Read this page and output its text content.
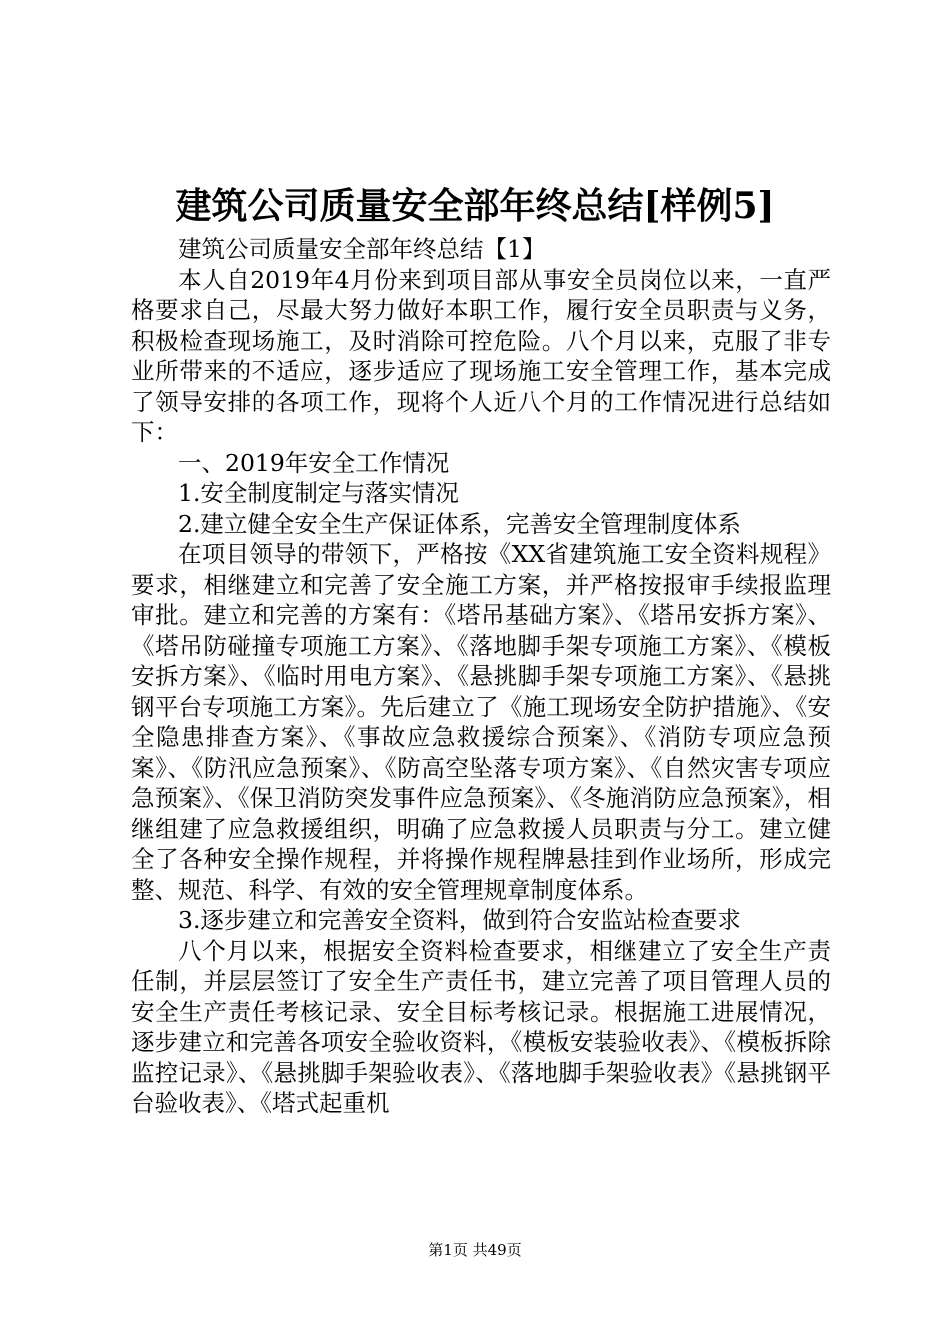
建筑公司质量安全部年终总结[样例5]

建筑公司质量安全部年终总结【1】

本人自2019年4月份来到项目部从事安全员岗位以来，一直严格要求自己，尽最大努力做好本职工作，履行安全员职责与义务，积极检查现场施工，及时消除可控危险。八个月以来，克服了非专业所带来的不适应，逐步适应了现场施工安全管理工作，基本完成了领导安排的各项工作，现将个人近八个月的工作情况进行总结如下：

一、2019年安全工作情况

1.安全制度制定与落实情况

2.建立健全安全生产保证体系，完善安全管理制度体系

在项目领导的带领下，严格按《XX省建筑施工安全资料规程》要求，相继建立和完善了安全施工方案，并严格按报审手续报监理审批。建立和完善的方案有：《塔吊基础方案》、《塔吊安拆方案》、《塔吊防碰撞专项施工方案》、《落地脚手架专项施工方案》、《模板安拆方案》、《临时用电方案》、《悬挑脚手架专项施工方案》、《悬挑钢平台专项施工方案》。先后建立了《施工现场安全防护措施》、《安全隐患排查方案》、《事故应急救援综合预案》、《消防专项应急预案》、《防汛应急预案》、《防高空坠落专项方案》、《自然灾害专项应急预案》、《保卫消防突发事件应急预案》、《冬施消防应急预案》，相继组建了应急救援组织，明确了应急救援人员职责与分工。建立健全了各种安全操作规程，并将操作规程牌悬挂到作业场所，形成完整、规范、科学、有效的安全管理规章制度体系。

3.逐步建立和完善安全资料，做到符合安监站检查要求

八个月以来，根据安全资料检查要求，相继建立了安全生产责任制，并层层签订了安全生产责任书，建立完善了项目管理人员的安全生产责任考核记录、安全目标考核记录。根据施工进展情况，逐步建立和完善各项安全验收资料，《模板安装验收表》、《模板拆除监控记录》、《悬挑脚手架验收表》、《落地脚手架验收表》《悬挑钢平台验收表》、《塔式起重机

第1页 共49页
